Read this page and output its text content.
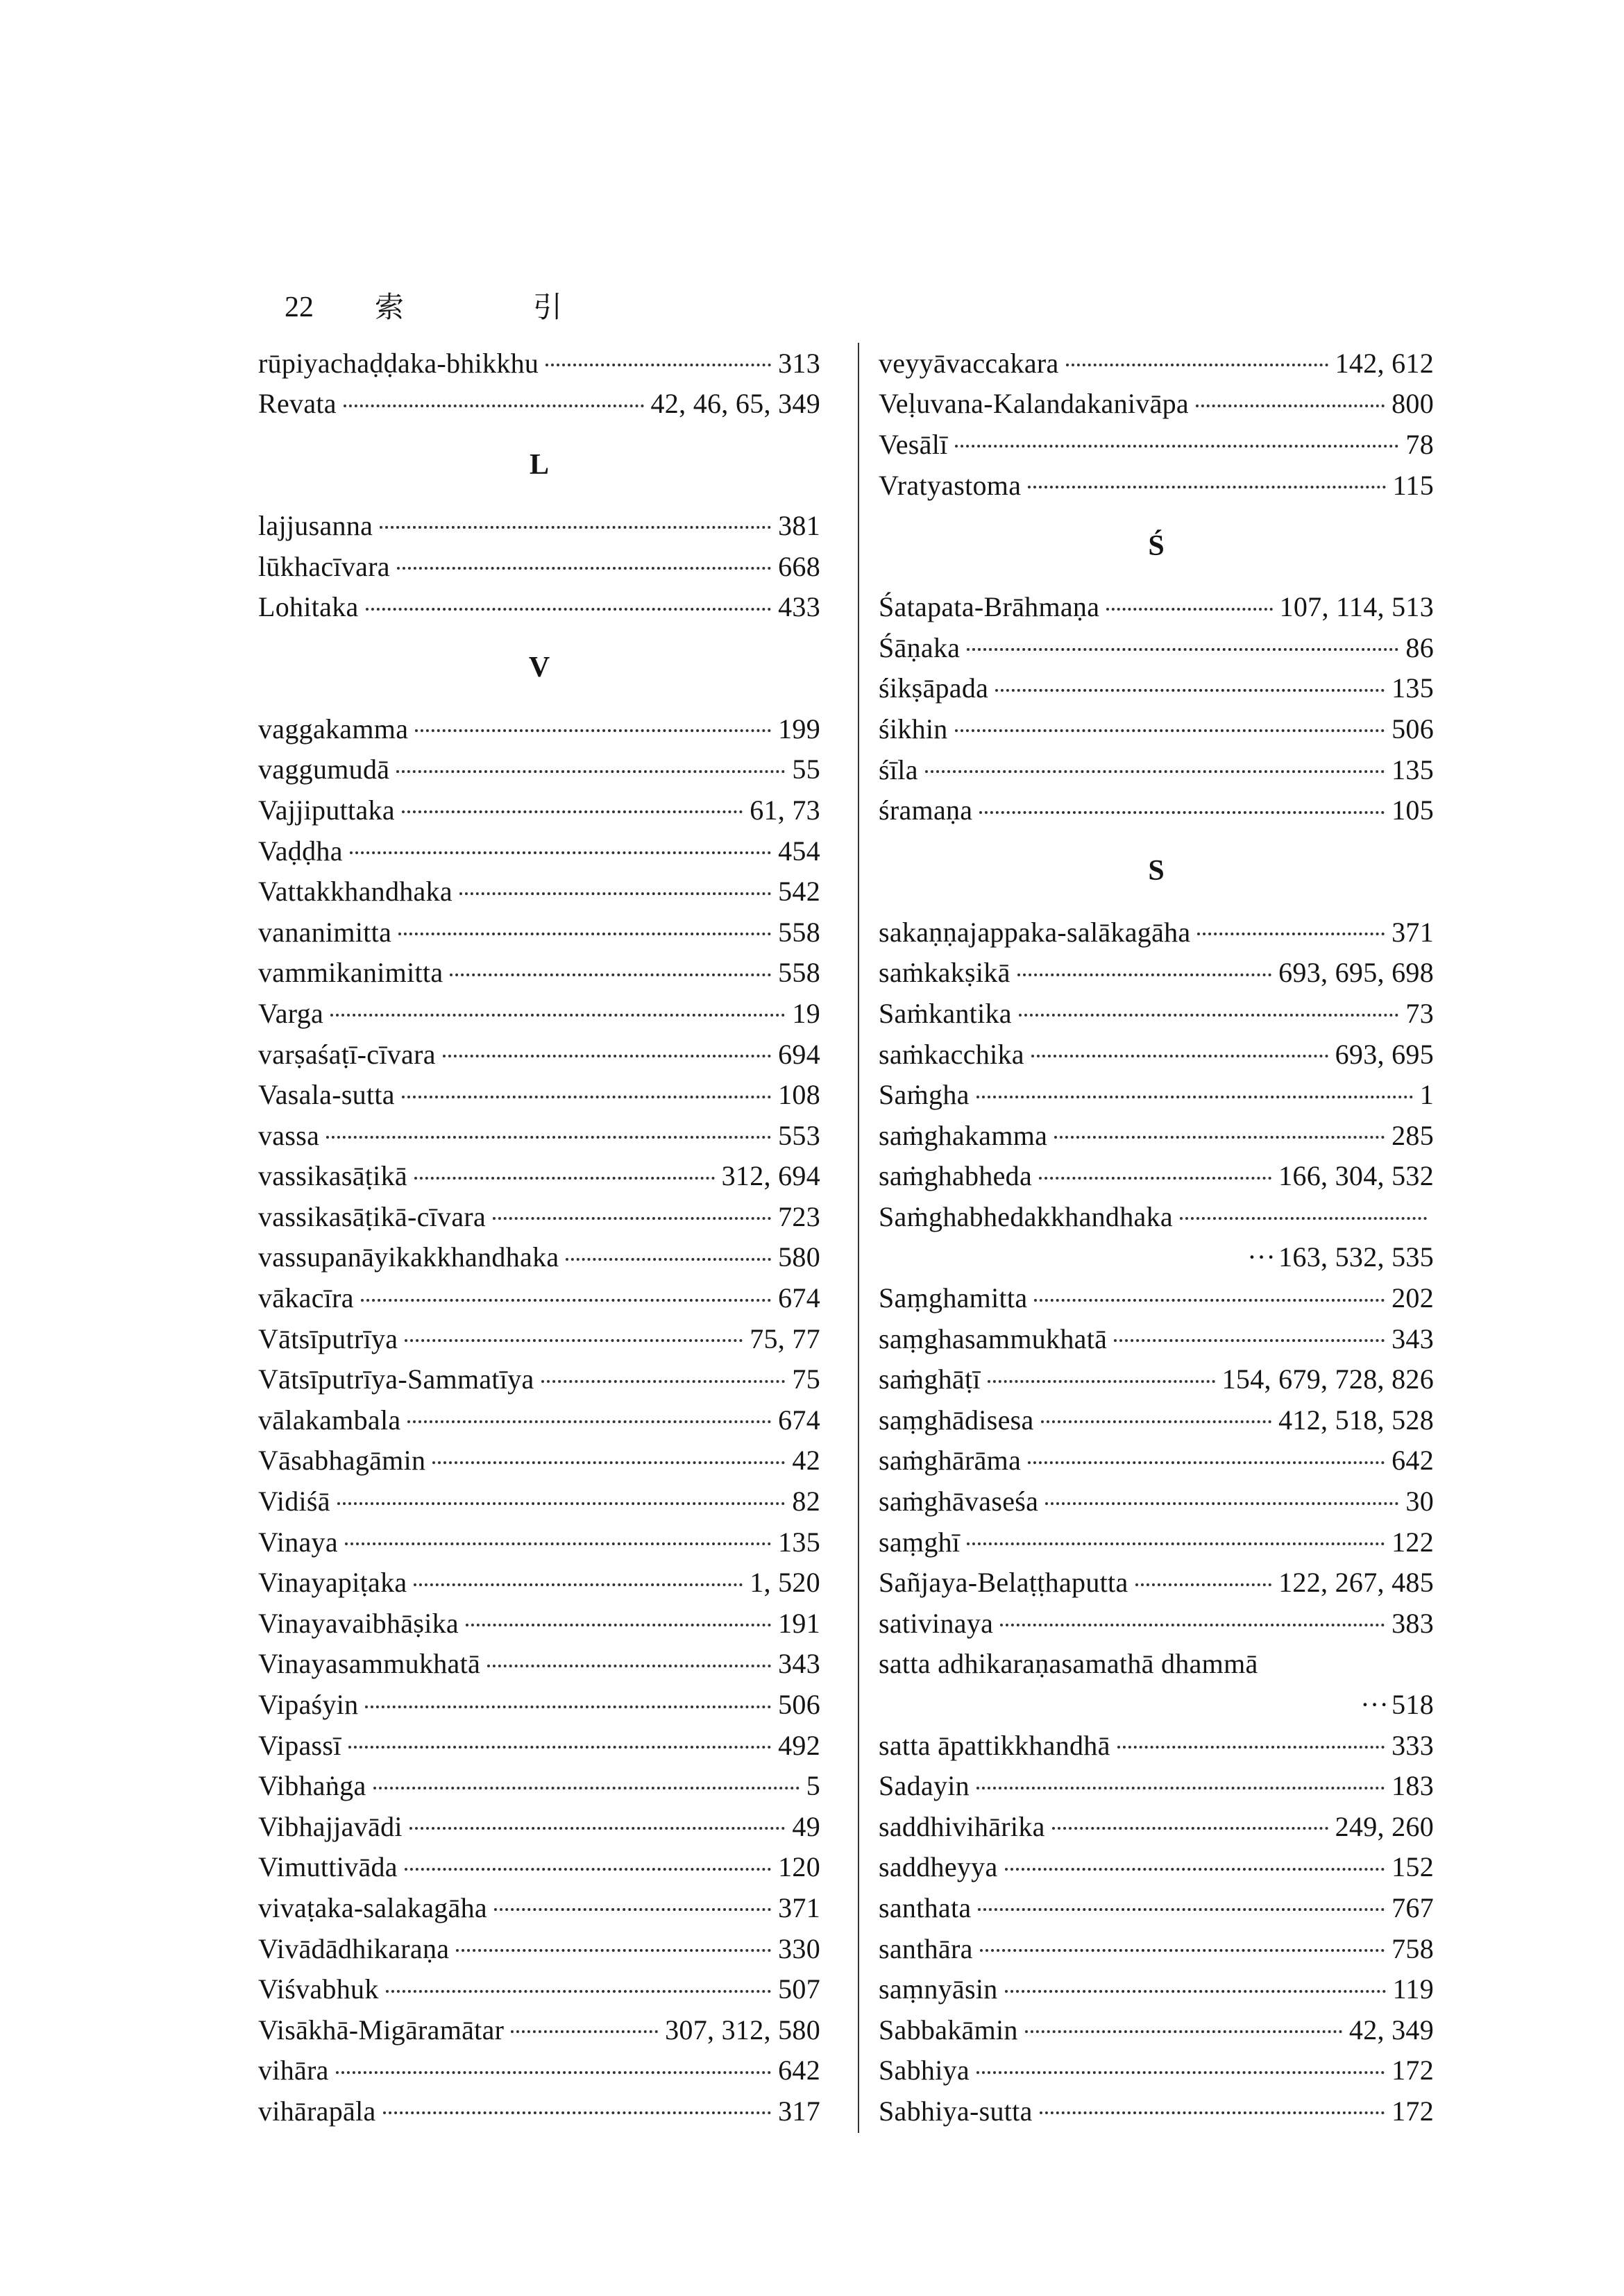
22 索	引
rūpiyachaḍḍaka-bhikkhu	313
Revata	42, 46, 65, 349
L
lajjusanna	381
lūkhacīvara	668
Lohitaka	433
V
vaggakamma	199
vaggumudā	55
Vajjiputtaka	61, 73
Vaḍḍha	454
Vattakkhandhaka	542
vananimitta	558
vammikanimitta	558
Varga	19
varṣaśaṭī-cīvara	694
Vasala-sutta	108
vassa	553
vassikasāṭikā	312, 694
vassikasāṭikā-cīvara	723
vassupanāyikakkhandhaka	580
vākacīra	674
Vātsīputrīya	75, 77
Vātsīputrīya-Sammatīya	75
vālakambala	674
Vāsabhagāmin	42
Vidiśā	82
Vinaya	135
Vinayapiṭaka	1, 520
Vinayavaibhāṣika	191
Vinayasammukhatā	343
Vipaśyin	506
Vipassī	492
Vibhaṅga	5
Vibhajjavādi	49
Vimuttivāda	120
vivaṭaka-salakagāha	371
Vivādādhikaraṇa	330
Viśvabhuk	507
Visākhā-Migāramātar	307, 312, 580
vihāra	642
vihārapāla	317
veyyāvaccakara	142, 612
Veḷuvana-Kalandakanivāpa	800
Vesālī	78
Vratyastoma	115
Ś
Śatapata-Brāhmaṇa	107, 114, 513
Śāṇaka	86
śikṣāpada	135
śikhin	506
śīla	135
śramaṇa	105
S
sakaṇṇajappaka-salākagāha	371
saṁkakṣikā	693, 695, 698
Saṁkantika	73
saṁkacchika	693, 695
Saṁgha	1
saṁghakamma	285
saṁghabheda	166, 304, 532
Saṁghabhedakkhandhaka
··· 163, 532, 535
Saṃghamitta	202
saṃghasammukhatā	343
saṁghāṭī	154, 679, 728, 826
saṃghādisesa	412, 518, 528
saṁghārāma	642
saṁghāvaseśa	30
saṃghī	122
Sañjaya-Belaṭṭhaputta	122, 267, 485
sativinaya	383
satta adhikaraṇasamathā dhammā
··· 518
satta āpattikkhandhā	333
Sadayin	183
saddhivihārika	249, 260
saddheyya	152
santhata	767
santhāra	758
saṃnyāsin	119
Sabbakāmin	42, 349
Sabhiya	172
Sabhiya-sutta	172
